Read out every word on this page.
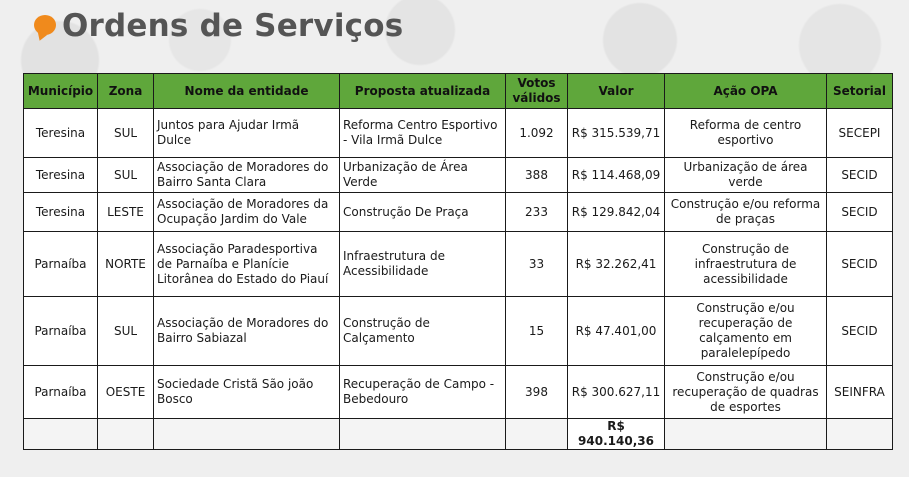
Ordens de Serviços
Município	Zona	Nome da entidade	Proposta atualizada	Votos válidos	Valor	Ação OPA	Setorial
Teresina	SUL	Juntos para Ajudar Irmã Dulce	Reforma Centro Esportivo - Vila Irmã Dulce	1.092	R$ 315.539,71	Reforma de centro esportivo	SECEPI
Teresina	SUL	Associação de Moradores do Bairro Santa Clara	Urbanização de Área Verde	388	R$ 114.468,09	Urbanização de área verde	SECID
Teresina	LESTE	Associação de Moradores da Ocupação Jardim do Vale	Construção De Praça	233	R$ 129.842,04	Construção e/ou reforma de praças	SECID
Parnaíba	NORTE	Associação Paradesportiva de Parnaíba e Planície Litorânea do Estado do Piauí	Infraestrutura de Acessibilidade	33	R$ 32.262,41	Construção de infraestrutura de acessibilidade	SECID
Parnaíba	SUL	Associação de Moradores do Bairro Sabiazal	Construção de Calçamento	15	R$ 47.401,00	Construção e/ou recuperação de calçamento em paralelepípedo	SECID
Parnaíba	OESTE	Sociedade Cristã São joão Bosco	Recuperação de Campo - Bebedouro	398	R$ 300.627,11	Construção e/ou recuperação de quadras de esportes	SEINFRA
					R$ 940.140,36		
